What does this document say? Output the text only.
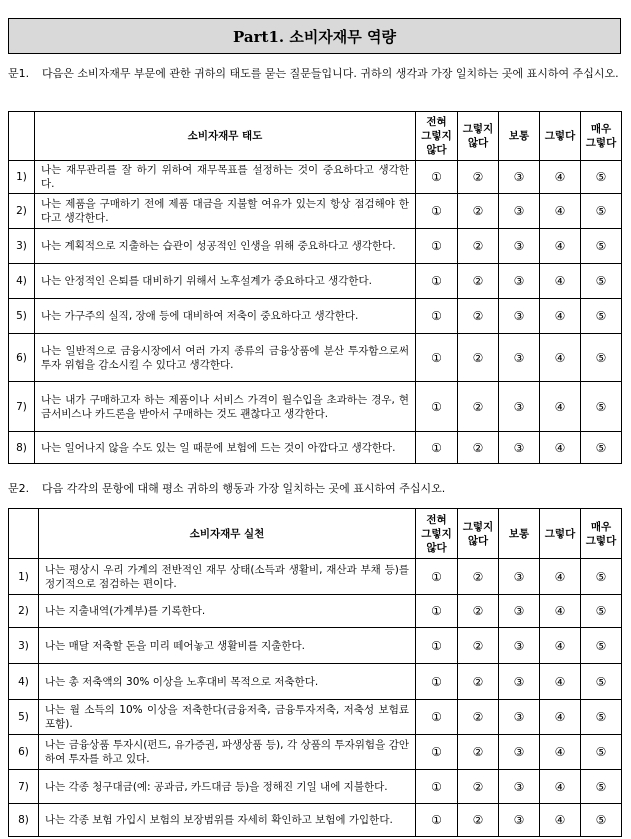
Part1. 소비자재무 역량
문1.	다음은 소비자재무 부문에 관한 귀하의 태도를 묻는 질문들입니다. 귀하의 생각과 가장 일치하는 곳에 표시하여 주십시오.

	소비자재무 태도	전혀
그렇지
않다	그렇지
않다	보통	그렇다	매우
그렇다
1)	나는 재무관리를 잘 하기 위하여 재무목표를 설정하는 것이 중요하다고 생각한다.	①	②	③	④	⑤
2)	나는 제품을 구매하기 전에 제품 대금을 지불할 여유가 있는지 항상 점검해야 한다고 생각한다.	①	②	③	④	⑤
3)	나는 계획적으로 지출하는 습관이 성공적인 인생을 위해 중요하다고 생각한다.	①	②	③	④	⑤
4)	나는 안정적인 은퇴를 대비하기 위해서 노후설계가 중요하다고 생각한다.	①	②	③	④	⑤
5)	나는 가구주의 실직, 장애 등에 대비하여 저축이 중요하다고 생각한다.	①	②	③	④	⑤
6)	나는 일반적으로 금융시장에서 여러 가지 종류의 금융상품에 분산 투자함으로써 투자 위험을 감소시킬 수 있다고 생각한다.	①	②	③	④	⑤
7)	나는 내가 구매하고자 하는 제품이나 서비스 가격이 월수입을 초과하는 경우, 현금서비스나 카드론을 받아서 구매하는 것도 괜찮다고 생각한다.	①	②	③	④	⑤
8)	나는 일어나지 않을 수도 있는 일 때문에 보험에 드는 것이 아깝다고 생각한다.	①	②	③	④	⑤
문2.	다음 각각의 문항에 대해 평소 귀하의 행동과 가장 일치하는 곳에 표시하여 주십시오.

	소비자재무 실천	전혀
그렇지
않다	그렇지
않다	보통	그렇다	매우
그렇다
1)	나는 평상시 우리 가계의 전반적인 재무 상태(소득과 생활비, 재산과 부채 등)를 정기적으로 점검하는 편이다.	①	②	③	④	⑤
2)	나는 지출내역(가계부)를 기록한다.	①	②	③	④	⑤
3)	나는 매달 저축할 돈을 미리 떼어놓고 생활비를 지출한다.	①	②	③	④	⑤
4)	나는 총 저축액의 30% 이상을 노후대비 목적으로 저축한다.	①	②	③	④	⑤
5)	나는 월 소득의 10% 이상을 저축한다(금융저축, 금융투자저축, 저축성 보험료 포함).	①	②	③	④	⑤
6)	나는 금융상품 투자시(펀드, 유가증권, 파생상품 등), 각 상품의 투자위험을 감안하여 투자를 하고 있다.	①	②	③	④	⑤
7)	나는 각종 청구대금(예: 공과금, 카드대금 등)을 정해진 기일 내에 지불한다.	①	②	③	④	⑤
8)	나는 각종 보험 가입시 보험의 보장범위를 자세히 확인하고 보험에 가입한다.	①	②	③	④	⑤
